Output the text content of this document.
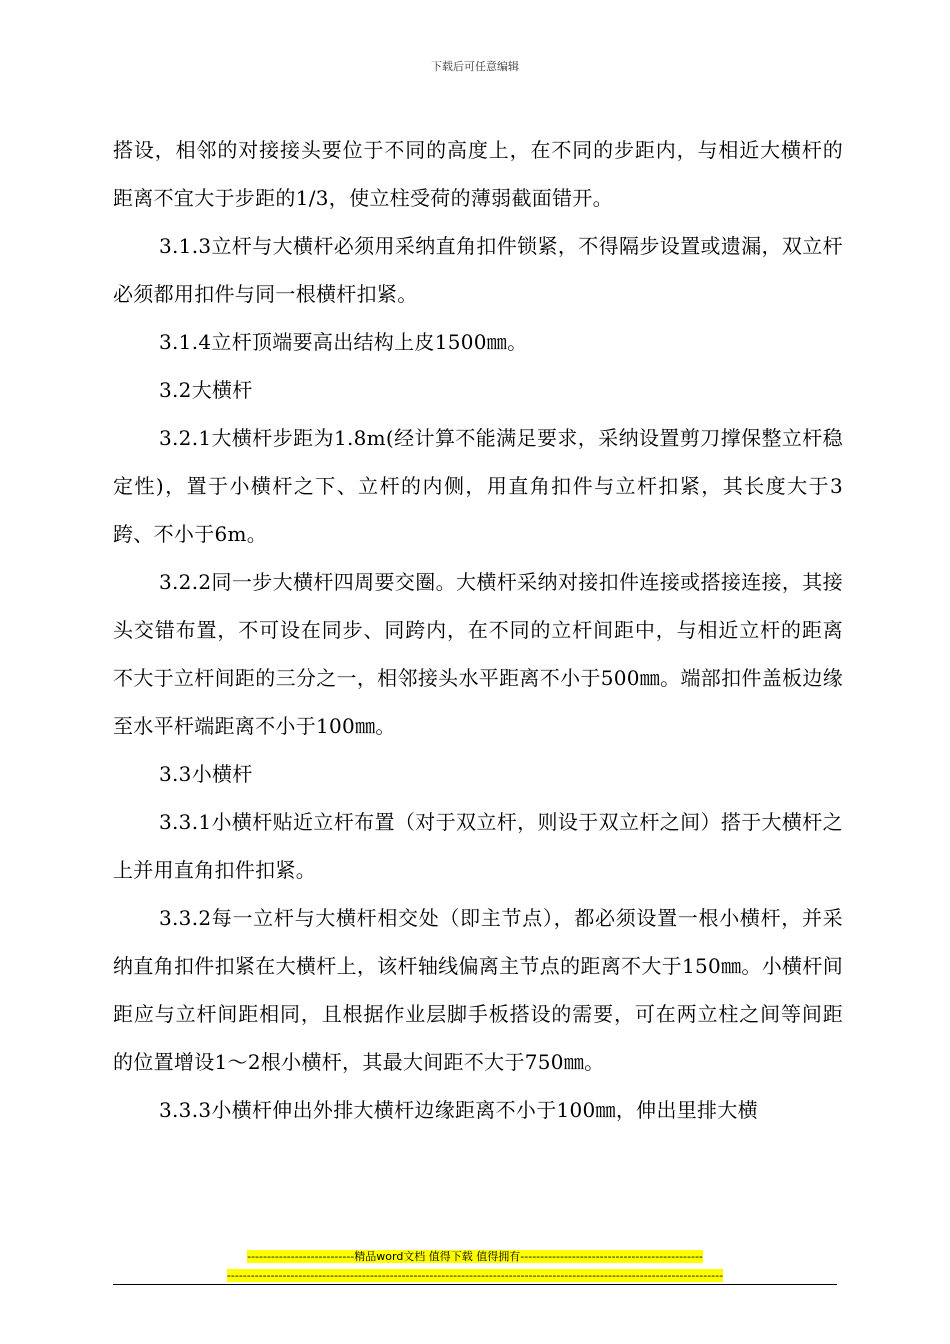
下载后可任意编辑

搭设，相邻的对接接头要位于不同的高度上，在不同的步距内，与相近大横杆的距离不宜大于步距的1/3，使立柱受荷的薄弱截面错开。

3.1.3立杆与大横杆必须用采纳直角扣件锁紧，不得隔步设置或遗漏，双立杆必须都用扣件与同一根横杆扣紧。

3.1.4立杆顶端要高出结构上皮1500㎜。

3.2大横杆

3.2.1大横杆步距为1.8m(经计算不能满足要求，采纳设置剪刀撑保整立杆稳定性)，置于小横杆之下、立杆的内侧，用直角扣件与立杆扣紧，其长度大于3跨、不小于6m。

3.2.2同一步大横杆四周要交圈。大横杆采纳对接扣件连接或搭接连接，其接头交错布置，不可设在同步、同跨内，在不同的立杆间距中，与相近立杆的距离不大于立杆间距的三分之一，相邻接头水平距离不小于500㎜。端部扣件盖板边缘至水平杆端距离不小于100㎜。

3.3小横杆

3.3.1小横杆贴近立杆布置（对于双立杆，则设于双立杆之间）搭于大横杆之上并用直角扣件扣紧。

3.3.2每一立杆与大横杆相交处（即主节点），都必须设置一根小横杆，并采纳直角扣件扣紧在大横杆上，该杆轴线偏离主节点的距离不大于150㎜。小横杆间距应与立杆间距相同，且根据作业层脚手板搭设的需要，可在两立柱之间等间距的位置增设1～2根小横杆，其最大间距不大于750㎜。

3.3.3小横杆伸出外排大横杆边缘距离不小于100㎜，伸出里排大横

---------------------------精品word文档 值得下载 值得拥有----------------------------------------------
-----------------------------------------------------------------------------------------------------------------------------
